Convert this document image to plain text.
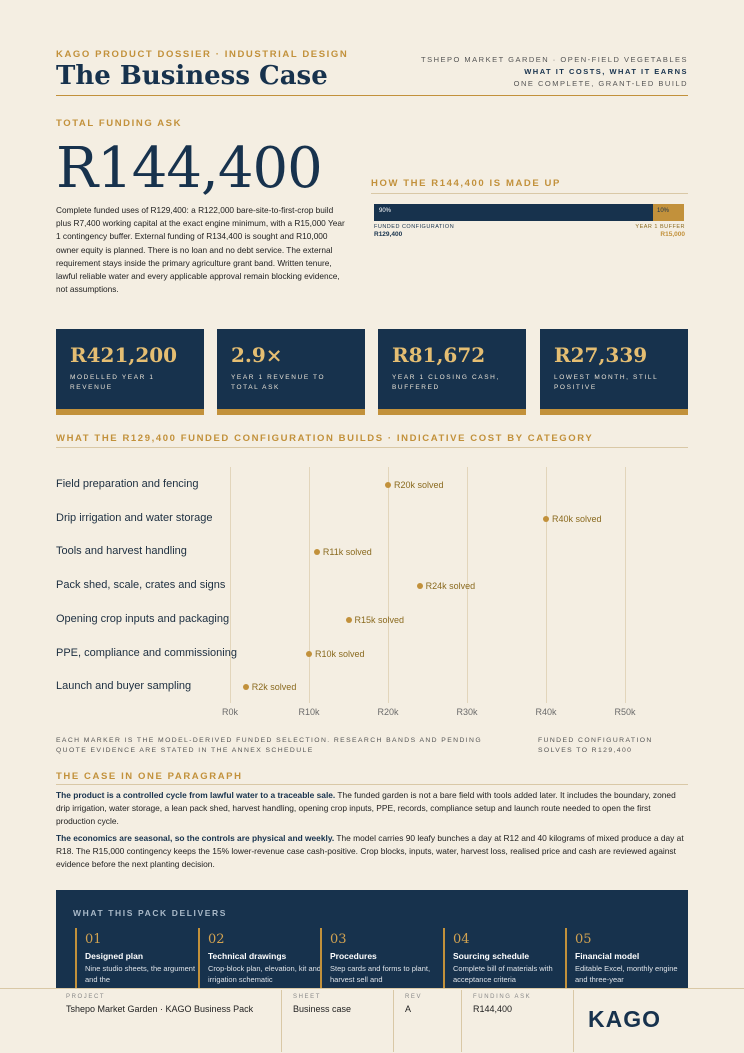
KAGO PRODUCT DOSSIER · INDUSTRIAL DESIGN
The Business Case
TSHEPO MARKET GARDEN · OPEN-FIELD VEGETABLES
WHAT IT COSTS, WHAT IT EARNS
ONE COMPLETE, GRANT-LED BUILD
TOTAL FUNDING ASK
R144,400
Complete funded uses of R129,400: a R122,000 bare-site-to-first-crop build plus R7,400 working capital at the exact engine minimum, with a R15,000 Year 1 contingency buffer. External funding of R134,400 is sought and R10,000 owner equity is planned. There is no loan and no debt service. The external requirement stays inside the primary agriculture grant band. Written tenure, lawful reliable water and every applicable approval remain blocking evidence, not assumptions.
HOW THE R144,400 IS MADE UP
90%	10%
FUNDED CONFIGURATION
R129,400
YEAR 1 BUFFER
R15,000
R421,200
MODELLED YEAR 1 REVENUE
2.9×
YEAR 1 REVENUE TO TOTAL ASK
R81,672
YEAR 1 CLOSING CASH, BUFFERED
R27,339
LOWEST MONTH, STILL POSITIVE
WHAT THE R129,400 FUNDED CONFIGURATION BUILDS · INDICATIVE COST BY CATEGORY
R0k	R10k	R20k	R30k	R40k	R50k
Field preparation and fencing	R20k solved
Drip irrigation and water storage	R40k solved
Tools and harvest handling	R11k solved
Pack shed, scale, crates and signs	R24k solved
Opening crop inputs and packaging	R15k solved
PPE, compliance and commissioning	R10k solved
Launch and buyer sampling	R2k solved
EACH MARKER IS THE MODEL-DERIVED FUNDED SELECTION. RESEARCH BANDS AND PENDING QUOTE EVIDENCE ARE STATED IN THE ANNEX SCHEDULE
FUNDED CONFIGURATION SOLVES TO R129,400
THE CASE IN ONE PARAGRAPH
The product is a controlled cycle from lawful water to a traceable sale. The funded garden is not a bare field with tools added later. It includes the boundary, zoned drip irrigation, water storage, a lean pack shed, harvest handling, opening crop inputs, PPE, records, compliance setup and launch route needed to open the first production cycle.
The economics are seasonal, so the controls are physical and weekly. The model carries 90 leafy bunches a day at R12 and 40 kilograms of mixed produce a day at R18. The R15,000 contingency keeps the 15% lower-revenue case cash-positive. Crop blocks, inputs, water, harvest loss, realised price and cash are reviewed against evidence before the next planting decision.
WHAT THIS PACK DELIVERS
01
Designed plan
Nine studio sheets, the argument and the
02
Technical drawings
Crop-block plan, elevation, kit and irrigation schematic
03
Procedures
Step cards and forms to plant, harvest sell and
04
Sourcing schedule
Complete bill of materials with acceptance criteria
05
Financial model
Editable Excel, monthly engine and three-year
PROJECT
Tshepo Market Garden · KAGO Business Pack
SHEET
Business case
REV
A
FUNDING ASK
R144,400	KAGO
